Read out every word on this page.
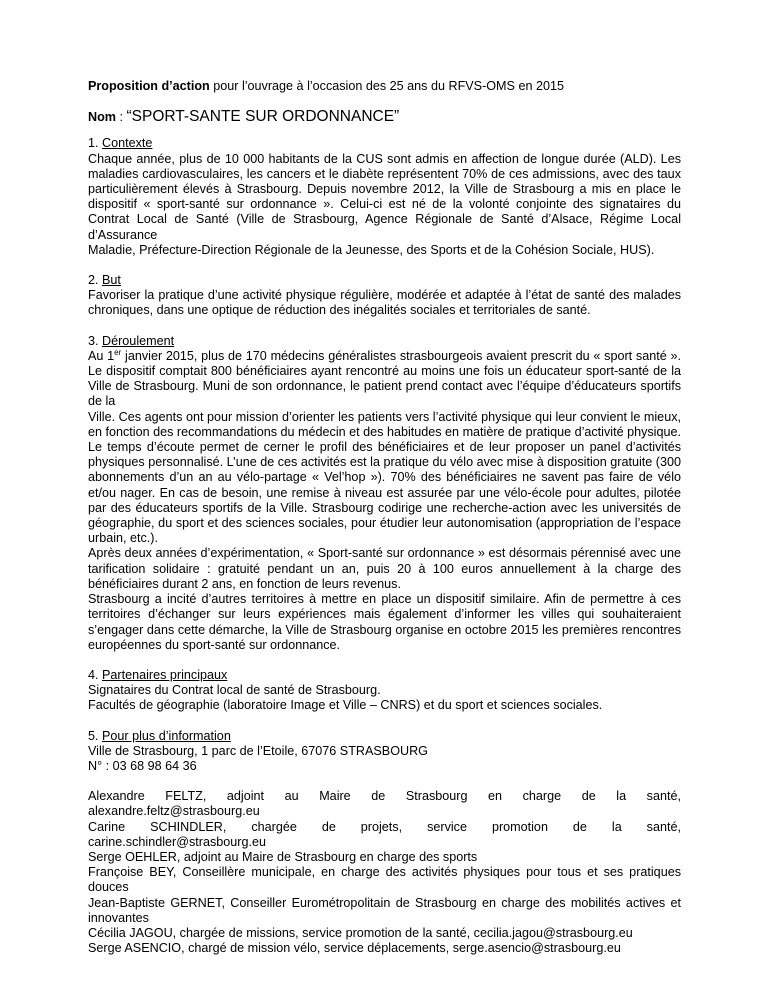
Proposition d’action pour l’ouvrage à l’occasion des 25 ans du RFVS-OMS en 2015

Nom : “SPORT-SANTE SUR ORDONNANCE”

1. Contexte

Chaque année, plus de 10 000 habitants de la CUS sont admis en affection de longue durée (ALD). Les maladies cardiovasculaires, les cancers et le diabète représentent 70% de ces admissions, avec des taux particulièrement élevés à Strasbourg. Depuis novembre 2012, la Ville de Strasbourg a mis en place le dispositif « sport-santé sur ordonnance ». Celui-ci est né de la volonté conjointe des signataires du Contrat Local de Santé (Ville de Strasbourg, Agence Régionale de Santé d’Alsace, Régime Local d’Assurance

Maladie, Préfecture-Direction Régionale de la Jeunesse, des Sports et de la Cohésion Sociale, HUS).

2. But

Favoriser la pratique d’une activité physique régulière, modérée et adaptée à l’état de santé des malades chroniques, dans une optique de réduction des inégalités sociales et territoriales de santé.

3. Déroulement

Au 1er janvier 2015, plus de 170 médecins généralistes strasbourgeois avaient prescrit du « sport santé ». Le dispositif comptait 800 bénéficiaires ayant rencontré au moins une fois un éducateur sport-santé de la Ville de Strasbourg. Muni de son ordonnance, le patient prend contact avec l’équipe d’éducateurs sportifs de la

Ville. Ces agents ont pour mission d’orienter les patients vers l’activité physique qui leur convient le mieux, en fonction des recommandations du médecin et des habitudes en matière de pratique d’activité physique. Le temps d’écoute permet de cerner le profil des bénéficiaires et de leur proposer un panel d’activités physiques personnalisé. L’une de ces activités est la pratique du vélo avec mise à disposition gratuite (300 abonnements d’un an au vélo-partage « Vel’hop »). 70% des bénéficiaires ne savent pas faire de vélo et/ou nager. En cas de besoin, une remise à niveau est assurée par une vélo-école pour adultes, pilotée par des éducateurs sportifs de la Ville. Strasbourg codirige une recherche-action avec les universités de géographie, du sport et des sciences sociales, pour étudier leur autonomisation (appropriation de l’espace urbain, etc.).

Après deux années d’expérimentation, « Sport-santé sur ordonnance » est désormais pérennisé avec une tarification solidaire : gratuité pendant un an, puis 20 à 100 euros annuellement à la charge des bénéficiaires durant 2 ans, en fonction de leurs revenus.

Strasbourg a incité d’autres territoires à mettre en place un dispositif similaire. Afin de permettre à ces territoires d’échanger sur leurs expériences mais également d’informer les villes qui souhaiteraient s’engager dans cette démarche, la Ville de Strasbourg organise en octobre 2015 les premières rencontres européennes du sport-santé sur ordonnance.

4. Partenaires principaux

Signataires du Contrat local de santé de Strasbourg.

Facultés de géographie (laboratoire Image et Ville – CNRS) et du sport et sciences sociales.

5. Pour plus d’information

Ville de Strasbourg, 1 parc de l’Etoile, 67076 STRASBOURG

N° : 03 68 98 64 36

Alexandre FELTZ, adjoint au Maire de Strasbourg en charge de la santé,

alexandre.feltz@strasbourg.eu

Carine SCHINDLER, chargée de projets, service promotion de la santé,

carine.schindler@strasbourg.eu

Serge OEHLER, adjoint au Maire de Strasbourg en charge des sports

Françoise BEY, Conseillère municipale, en charge des activités physiques pour tous et ses pratiques douces

Jean-Baptiste GERNET, Conseiller Eurométropolitain de Strasbourg en charge des mobilités actives et innovantes

Cécilia JAGOU, chargée de missions, service promotion de la santé, cecilia.jagou@strasbourg.eu

Serge ASENCIO, chargé de mission vélo, service déplacements, serge.asencio@strasbourg.eu
